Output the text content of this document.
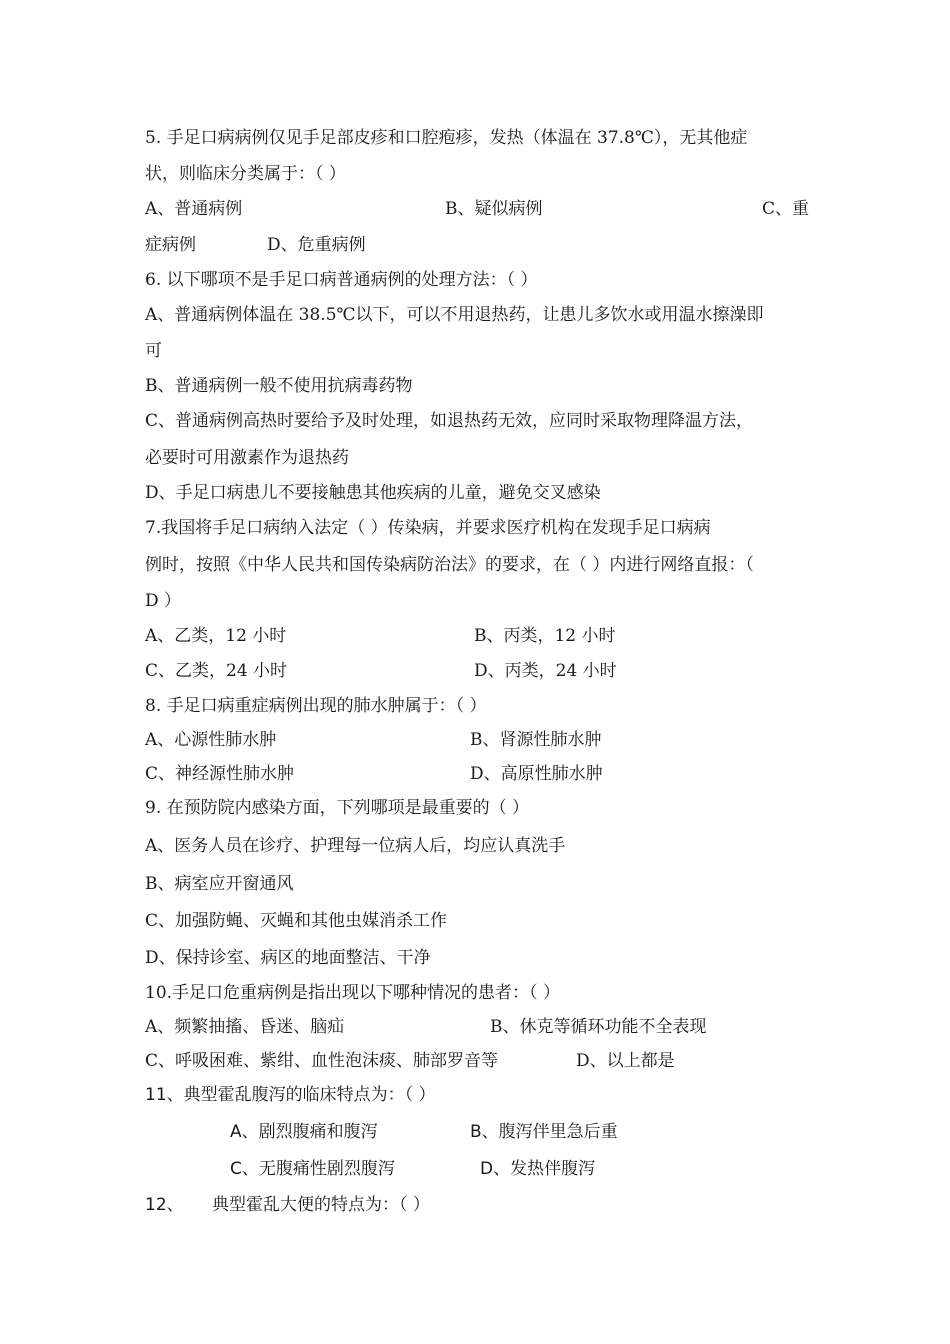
5. 手足口病病例仅见手足部皮疹和口腔疱疹，发热（体温在 37.8℃），无其他症
状，则临床分类属于：（ ）
A、普通病例	B、疑似病例	C、重
症病例	D、危重病例
6. 以下哪项不是手足口病普通病例的处理方法：（ ）
A、普通病例体温在 38.5℃以下，可以不用退热药，让患儿多饮水或用温水擦澡即
可
B、普通病例一般不使用抗病毒药物
C、普通病例高热时要给予及时处理，如退热药无效，应同时采取物理降温方法，
必要时可用激素作为退热药
D、手足口病患儿不要接触患其他疾病的儿童，避免交叉感染
7.我国将手足口病纳入法定（ ）传染病，并要求医疗机构在发现手足口病病
例时，按照《中华人民共和国传染病防治法》的要求，在（ ）内进行网络直报：（
D ）
A、乙类，12 小时	B、丙类，12 小时
C、乙类，24 小时	D、丙类，24 小时
8. 手足口病重症病例出现的肺水肿属于：（ ）
A、心源性肺水肿	B、肾源性肺水肿
C、神经源性肺水肿	D、高原性肺水肿
9. 在预防院内感染方面，下列哪项是最重要的（ ）
A、医务人员在诊疗、护理每一位病人后，均应认真洗手
B、病室应开窗通风
C、加强防蝇、灭蝇和其他虫媒消杀工作
D、保持诊室、病区的地面整洁、干净
10.手足口危重病例是指出现以下哪种情况的患者：（ ）
A、频繁抽搐、昏迷、脑疝	B、休克等循环功能不全表现
C、呼吸困难、紫绀、血性泡沫痰、肺部罗音等	D、以上都是
11、典型霍乱腹泻的临床特点为：（ ）
A、剧烈腹痛和腹泻	B、腹泻伴里急后重
C、无腹痛性剧烈腹泻	D、发热伴腹泻
12、 典型霍乱大便的特点为：（ ）
